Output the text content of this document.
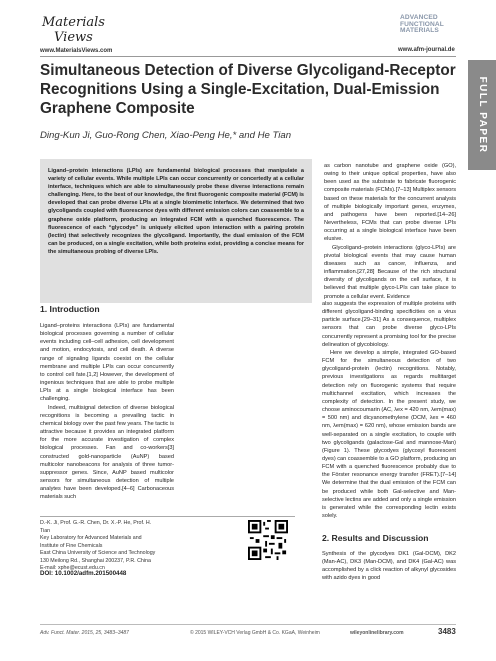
Materials
Views
www.MaterialsViews.com
ADVANCED
FUNCTIONAL
MATERIALS
www.afm-journal.de
FULL PAPER
Simultaneous Detection of Diverse Glycoligand-Receptor Recognitions Using a Single-Excitation, Dual-Emission Graphene Composite
Ding-Kun Ji, Guo-Rong Chen, Xiao-Peng He,* and He Tian
Ligand–protein interactions (LPIs) are fundamental biological processes that manipulate a variety of cellular events. While multiple LPIs can occur concurrently or concertedly at a cellular interface, techniques which are able to simultaneously probe these diverse interactions remain challenging. Here, to the best of our knowledge, the first fluorogenic composite material (FCM) is developed that can probe diverse LPIs at a single biomimetic interface. We determined that two glycoligands coupled with fluorescence dyes with different emission colors can coassemble to a graphene oxide platform, producing an integrated FCM with a quenched fluorescence. The fluorescence of each “glycodye” is uniquely elicited upon interaction with a pairing protein (lectin) that selectively recognizes the glycoligand. Importantly, the dual emission of the FCM can be produced, on a single excitation, while both proteins exist, providing a concise means for the simultaneous probing of diverse LPIs.

as carbon nanotube and graphene oxide (GO), owing to their unique optical properties, have also been used as the substrate to fabricate fluorogenic composite materials (FCMs).[7–13] Multiplex sensors based on these materials for the concurrent analysis of multiple biologically important genes, enzymes, and pathogens have been reported.[14–26] Nevertheless, FCMs that can probe diverse LPIs occurring at a single biological interface have been elusive.

Glycoligand–protein interactions (glyco-LPIs) are pivotal biological events that may cause human diseases such as cancer, influenza, and inflammation.[27,28] Because of the rich structural diversity of glycoligands on the cell surface, it is believed that multiple glyco-LPIs can take place to promote a cellular event. Evidence

1. Introduction

Ligand–proteins interactions (LPIs) are fundamental biological processes governing a number of cellular events including cell–cell adhesion, cell development and motion, endocytosis, and cell death. A diverse range of signaling ligands coexist on the cellular membrane and multiple LPIs can occur concurrently to control cell fate.[1,2] However, the development of ingenious techniques that are able to probe multiple LPIs at a single biological interface has been challenging.

Indeed, multisignal detection of diverse biological recognitions is becoming a prevailing tactic in chemical biology over the past few years. The tactic is attractive because it provides an integrated platform for the more accurate investigation of complex biological processes. Fan and co-workers[3] constructed gold-nanoparticle (AuNP) based multicolor nanobeacons for analysis of three tumor-suppressor genes. Since, AuNP based multicolor sensors for simultaneous detection of multiple analytes have been developed.[4–6] Carbonaceous materials such

also suggests the expression of multiple proteins with different glycoligand-binding specificities on a virus particle surface.[29–31] As a consequence, multiplex sensors that can probe diverse glyco-LPIs concurrently represent a promising tool for the precise delineation of glycobiology.

Here we develop a simple, integrated GO-based FCM for the simultaneous detection of two glycoligand-protein (lectin) recognitions. Notably, previous investigations as regards multitarget detection rely on fluorogenic systems that require multichannel excitation, which increases the complexity of detection. In the present study, we choose aminocoumarin (AC, λex = 420 nm, λem(max) = 500 nm) and dicyanomethylene (DCM, λex = 460 nm, λem(max) = 620 nm), whose emission bands are well-separated on a single excitation, to couple with two glycoligands (galactose-Gal and mannose-Man) (Figure 1). These glycodyes (glycosyl fluorescent dyes) can coassemble to a GO platform, producing an FCM with a quenched fluorescence probably due to the Förster resonance energy transfer (FRET).[7–14] We determine that the dual emission of the FCM can be produced while both Gal-selective and Man-selective lectins are added and only a single emission is generated while the corresponding lectin exists solely.

2. Results and Discussion
Synthesis of the glycodyes DK1 (Gal-DCM), DK2 (Man-AC), DK3 (Man-DCM), and DK4 (Gal-AC) was accomplished by a click reaction of alkynyl glycosides with azido dyes in good
D.-K. Ji, Prof. G.-R. Chen, Dr. X.-P. He, Prof. H. Tian
Key Laboratory for Advanced Materials and Institute of Fine Chemicals
East China University of Science and Technology
130 Meilong Rd., Shanghai 200237, P.R. China
E-mail: xphe@ecust.edu.cn
DOI: 10.1002/adfm.201500448
Adv. Funct. Mater. 2015, 25, 3483–3487	© 2015 WILEY-VCH Verlag GmbH & Co. KGaA, Weinheim	wileyonlinelibrary.com	3483
